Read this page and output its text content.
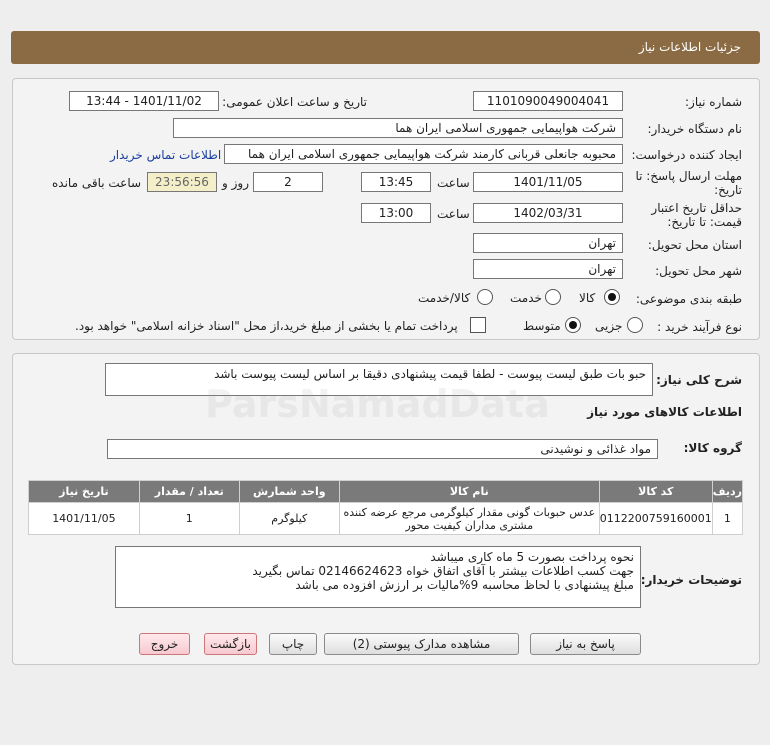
جزئیات اطلاعات نیاز
شماره نیاز:
1101090049004041
تاریخ و ساعت اعلان عمومی:
1401/11/02 - 13:44
نام دستگاه خریدار:
شرکت هواپیمایی جمهوری اسلامی ایران هما
ایجاد کننده درخواست:
محبوبه جانعلی قربانی کارمند شرکت هواپیمایی جمهوری اسلامی ایران هما
اطلاعات تماس خریدار
مهلت ارسال پاسخ: تا
تاریخ:
1401/11/05
ساعت
13:45
2
روز و
23:56:56
ساعت باقی مانده
حداقل تاریخ اعتبار
قیمت: تا تاریخ:
1402/03/31
ساعت
13:00
استان محل تحویل:
تهران
شهر محل تحویل:
تهران
طبقه بندی موضوعی:
کالا
خدمت
کالا/خدمت
نوع فرآیند خرید :
جزیی
متوسط
پرداخت تمام یا بخشی از مبلغ خرید،از محل "اسناد خزانه اسلامی" خواهد بود.
شرح کلی نیاز:
حبو بات طبق لیست پیوست - لطفا قیمت پیشنهادی دقیقا بر اساس لیست پیوست باشد
اطلاعات کالاهای مورد نیاز
گروه کالا:
مواد غذائی و نوشیدنی
ردیف	کد کالا	نام کالا	واحد شمارش	تعداد / مقدار	تاریخ نیاز
1	0112200759160001	عدس حبوبات گونی مقدار کیلوگرمی مرجع عرضه کننده
مشتری مداران کیفیت محور	کیلوگرم	1	1401/11/05
توضیحات خریدار:
نحوه پرداخت بصورت 5 ماه کاری میباشد
جهت کسب اطلاعات بیشتر با آقای اتفاق خواه 02146624623 تماس بگیرید
مبلغ پیشنهادی با لحاظ محاسبه 9%مالیات بر ارزش افزوده می باشد
پاسخ به نیاز
مشاهده مدارک پیوستی (2)
چاپ
بازگشت
خروج
